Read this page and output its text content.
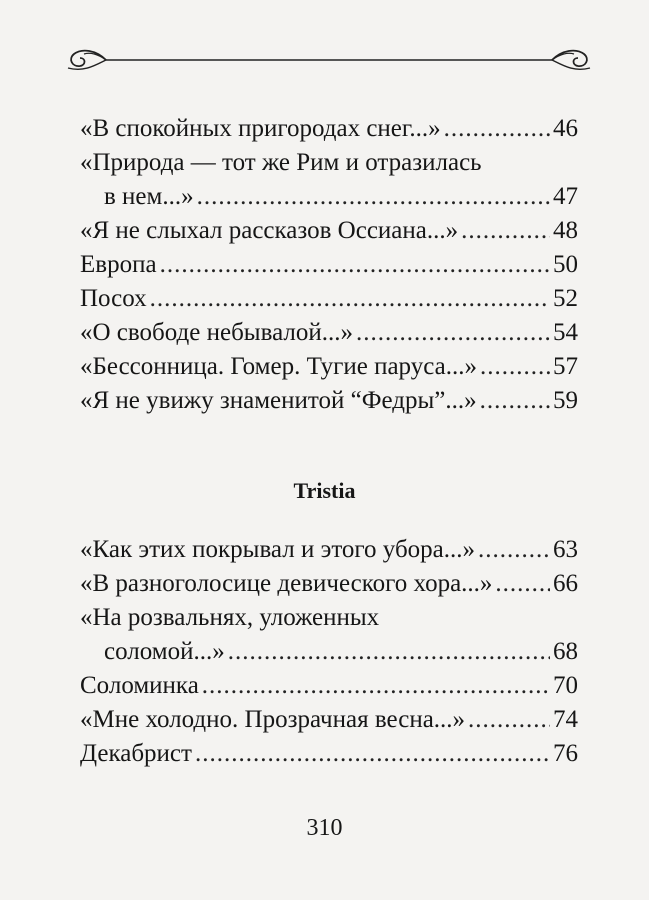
«В спокойных пригородах снег...» .....	46
«Природа — тот же Рим и отразилась
в нем...» .....	47
«Я не слыхал рассказов Оссиана...» .....	48
Европа .....	50
Посох .....	52
«О свободе небывалой...» .....	54
«Бессонница. Гомер. Тугие паруса...» .....	57
«Я не увижу знаменитой “Федры”...» .....	59
Tristia
«Как этих покрывал и этого убора...» .....	63
«В разноголосице девического хора...» ..... 66
«На розвальнях, уложенных
соломой...» .....	68
Соломинка .....	70
«Мне холодно. Прозрачная весна...» .....	74
Декабрист .....	76
310
